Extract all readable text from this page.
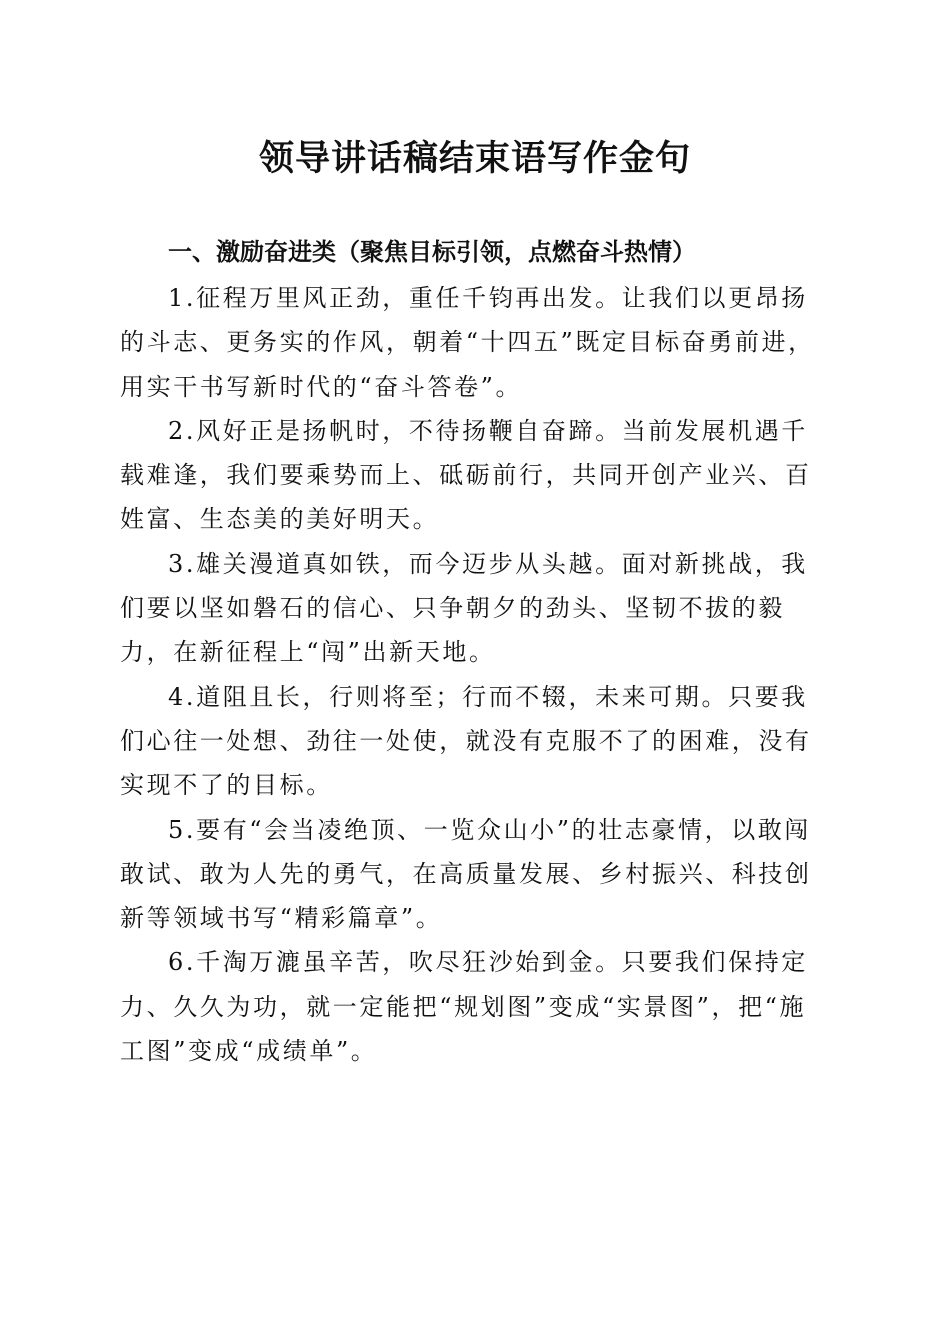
领导讲话稿结束语写作金句
一、激励奋进类（聚焦目标引领，点燃奋斗热情）

1.征程万里风正劲，重任千钧再出发。让我们以更昂扬的斗志、更务实的作风，朝着“十四五”既定目标奋勇前进，用实干书写新时代的“奋斗答卷”。

2.风好正是扬帆时，不待扬鞭自奋蹄。当前发展机遇千载难逢，我们要乘势而上、砥砺前行，共同开创产业兴、百姓富、生态美的美好明天。

3.雄关漫道真如铁，而今迈步从头越。面对新挑战，我们要以坚如磐石的信心、只争朝夕的劲头、坚韧不拔的毅力，在新征程上“闯”出新天地。

4.道阻且长，行则将至；行而不辍，未来可期。只要我们心往一处想、劲往一处使，就没有克服不了的困难，没有实现不了的目标。

5.要有“会当凌绝顶、一览众山小”的壮志豪情，以敢闯敢试、敢为人先的勇气，在高质量发展、乡村振兴、科技创新等领域书写“精彩篇章”。

6.千淘万漉虽辛苦，吹尽狂沙始到金。只要我们保持定力、久久为功，就一定能把“规划图”变成“实景图”，把“施工图”变成“成绩单”。
